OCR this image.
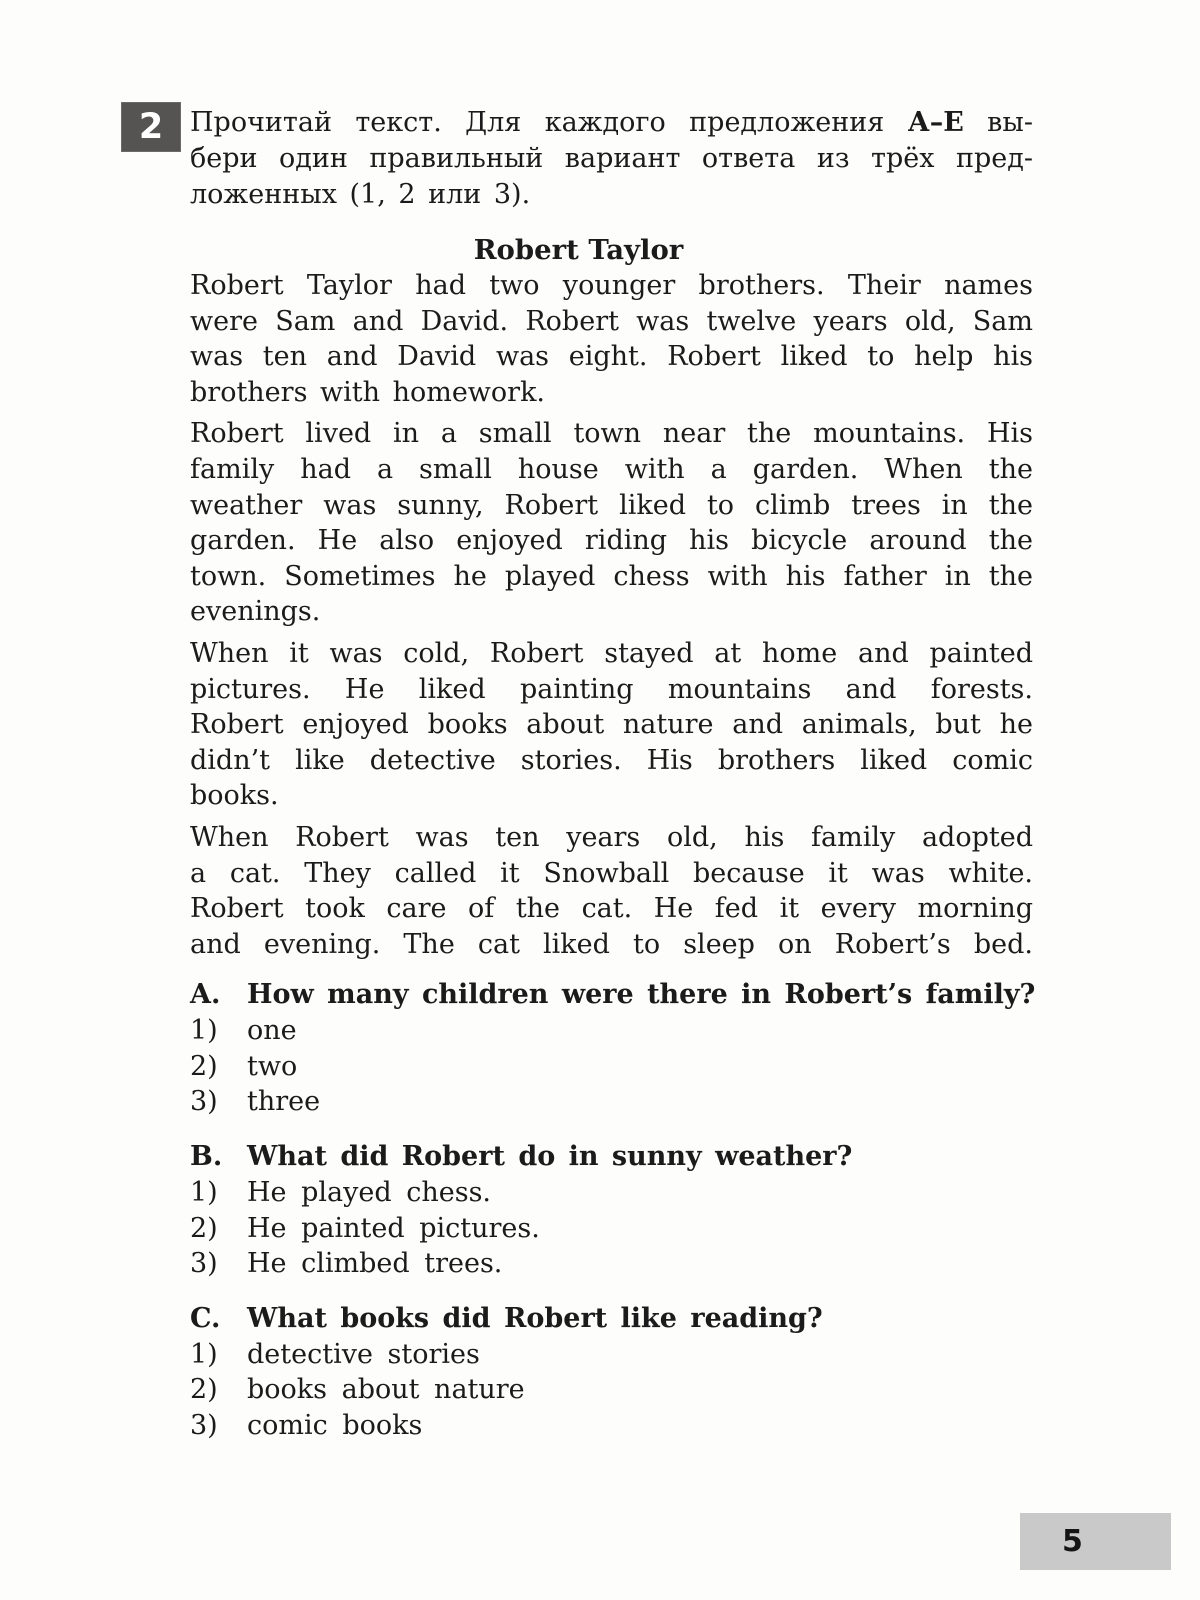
2 Прочитай текст. Для каждого предложения А–Е вы-
бери один правильный вариант ответа из трёх пред-
ложенных (1, 2 или 3).
Robert Taylor
Robert Taylor had two younger brothers. Their names
were Sam and David. Robert was twelve years old, Sam
was ten and David was eight. Robert liked to help his
brothers with homework.
Robert lived in a small town near the mountains. His
family had a small house with a garden. When the
weather was sunny, Robert liked to climb trees in the
garden. He also enjoyed riding his bicycle around the
town. Sometimes he played chess with his father in the
evenings.
When it was cold, Robert stayed at home and painted
pictures. He liked painting mountains and forests.
Robert enjoyed books about nature and animals, but he
didn’t like detective stories. His brothers liked comic
books.
When Robert was ten years old, his family adopted
a cat. They called it Snowball because it was white.
Robert took care of the cat. He fed it every morning
and evening. The cat liked to sleep on Robert’s bed.
A. How many children were there in Robert’s family?
1)	one
2)	two
3)	three
B. What did Robert do in sunny weather?
1)	He played chess.
2)	He painted pictures.
3)	He climbed trees.
C. What books did Robert like reading?
1)	detective stories
2)	books about nature
3)	comic books
5
